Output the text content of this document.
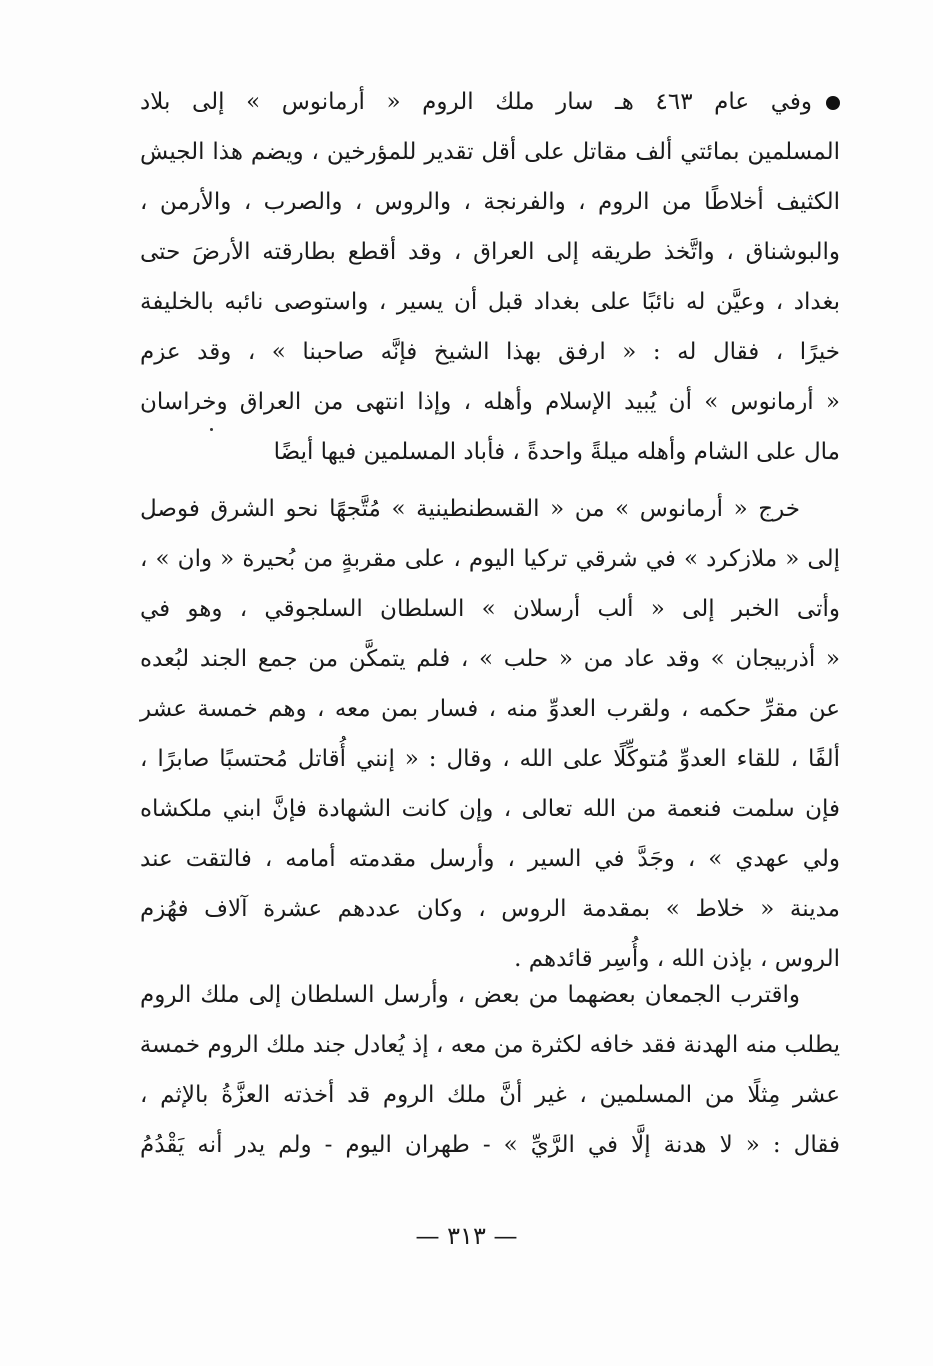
وفي عام ٤٦٣ هـ سار ملك الروم « أرمانوس » إلى بلاد
المسلمين بمائتي ألف مقاتل على أقل تقدير للمؤرخين ، ويضم هذا الجيش
الكثيف أخلاطًا من الروم ، والفرنجة ، والروس ، والصرب ، والأرمن ،
والبوشناق ، واتَّخذ طريقه إلى العراق ، وقد أقطع بطارقته الأرضَ حتى
بغداد ، وعيَّن له نائبًا على بغداد قبل أن يسير ، واستوصى نائبه بالخليفة
خيرًا ، فقال له : « ارفق بهذا الشيخ فإنَّه صاحبنا » ، وقد عزم
« أرمانوس » أن يُبيد الإسلام وأهله ، وإذا انتهى من العراق وخراسان
مال على الشام وأهله ميلةً واحدةً ، فأباد المسلمين فيها أيضًا
خرج « أرمانوس » من « القسطنطينية » مُتَّجهًا نحو الشرق فوصل
إلى « ملازكرد » في شرقي تركيا اليوم ، على مقربةٍ من بُحيرة « وان » ،
وأتى الخبر إلى « ألب أرسلان » السلطان السلجوقي ، وهو في
« أذربيجان » وقد عاد من « حلب » ، فلم يتمكَّن من جمع الجند لبُعده
عن مقرِّ حكمه ، ولقرب العدوِّ منه ، فسار بمن معه ، وهم خمسة عشر
ألفًا ، للقاء العدوِّ مُتوكِّلًا على الله ، وقال : « إنني أُقاتل مُحتسبًا صابرًا ،
فإن سلمت فنعمة من الله تعالى ، وإن كانت الشهادة فإنَّ ابني ملكشاه
ولي عهدي » ، وجَدَّ في السير ، وأرسل مقدمته أمامه ، فالتقت عند
مدينة « خلاط » بمقدمة الروس ، وكان عددهم عشرة آلاف فهُزم
الروس ، بإذن الله ، وأُسِر قائدهم .
واقترب الجمعان بعضهما من بعض ، وأرسل السلطان إلى ملك الروم
يطلب منه الهدنة فقد خافه لكثرة من معه ، إذ يُعادل جند ملك الروم خمسة
عشر مِثلًا من المسلمين ، غير أنَّ ملك الروم قد أخذته العزَّةُ بالإثم ،
فقال : « لا هدنة إلَّا في الرَّيِّ » - طهران اليوم - ولم يدر أنه يَقْدُمُ
— ٣١٣ —
